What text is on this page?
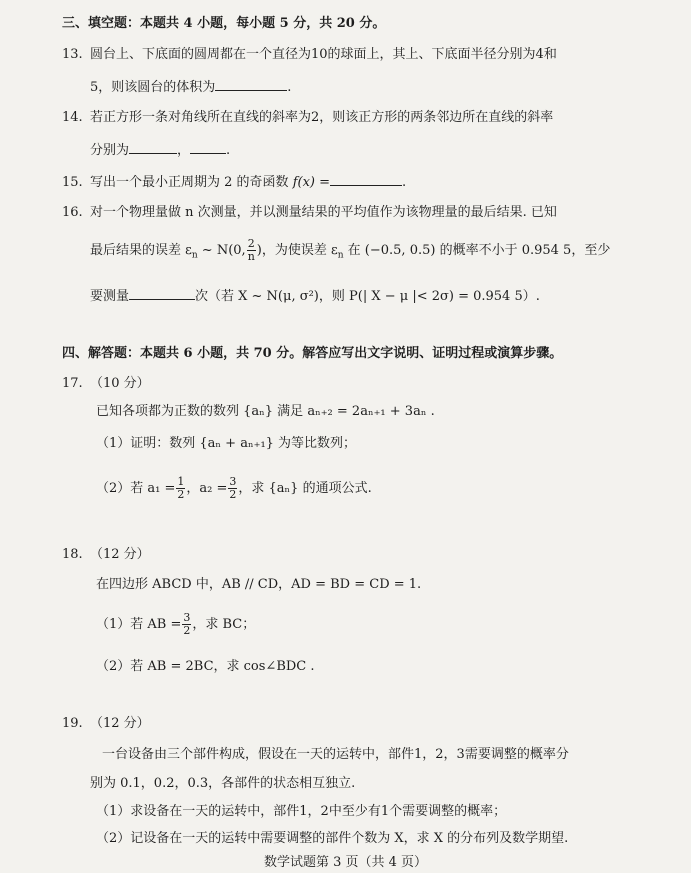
三、填空题：本题共 4 小题，每小题 5 分，共 20 分。
13. 圆台上、下底面的圆周都在一个直径为10的球面上，其上、下底面半径分别为4和
5，则该圆台的体积为	.
14. 若正方形一条对角线所在直线的斜率为2，则该正方形的两条邻边所在直线的斜率
分别为	，	.
15. 写出一个最小正周期为 2 的奇函数 f(x) =	.
16. 对一个物理量做 n 次测量，并以测量结果的平均值作为该物理量的最后结果. 已知
最后结果的误差 $\varepsilon_n$ ~ N(0, $\frac{2}{n}$ )，为使误差 $\varepsilon_n$ 在 (−0.5, 0.5) 的概率不小于 0.954 5，至少
要测量	次（若 X ~ N(μ, σ²)，则 P(| X − μ |< 2σ) = 0.954 5）.
四、解答题：本题共 6 小题，共 70 分。解答应写出文字说明、证明过程或演算步骤。
17. （10 分）
已知各项都为正数的数列 {aₙ} 满足 aₙ₊₂ = 2aₙ₊₁ + 3aₙ .
（1）证明：数列 {aₙ + aₙ₊₁} 为等比数列；
（2）若 $a_1 = \frac{1}{2}$ ，$a_2 = \frac{3}{2}$ ，求 {aₙ} 的通项公式.
18. （12 分）
在四边形 ABCD 中，AB // CD，AD = BD = CD = 1.
（1）若 AB = $\frac{3}{2}$ ，求 BC；
（2）若 AB = 2BC，求 cos∠BDC .
19. （12 分）
一台设备由三个部件构成，假设在一天的运转中，部件1，2，3需要调整的概率分
别为 0.1，0.2，0.3，各部件的状态相互独立.
（1）求设备在一天的运转中，部件1，2中至少有1个需要调整的概率；
（2）记设备在一天的运转中需要调整的部件个数为 X，求 X 的分布列及数学期望.
数学试题第 3 页（共 4 页）
